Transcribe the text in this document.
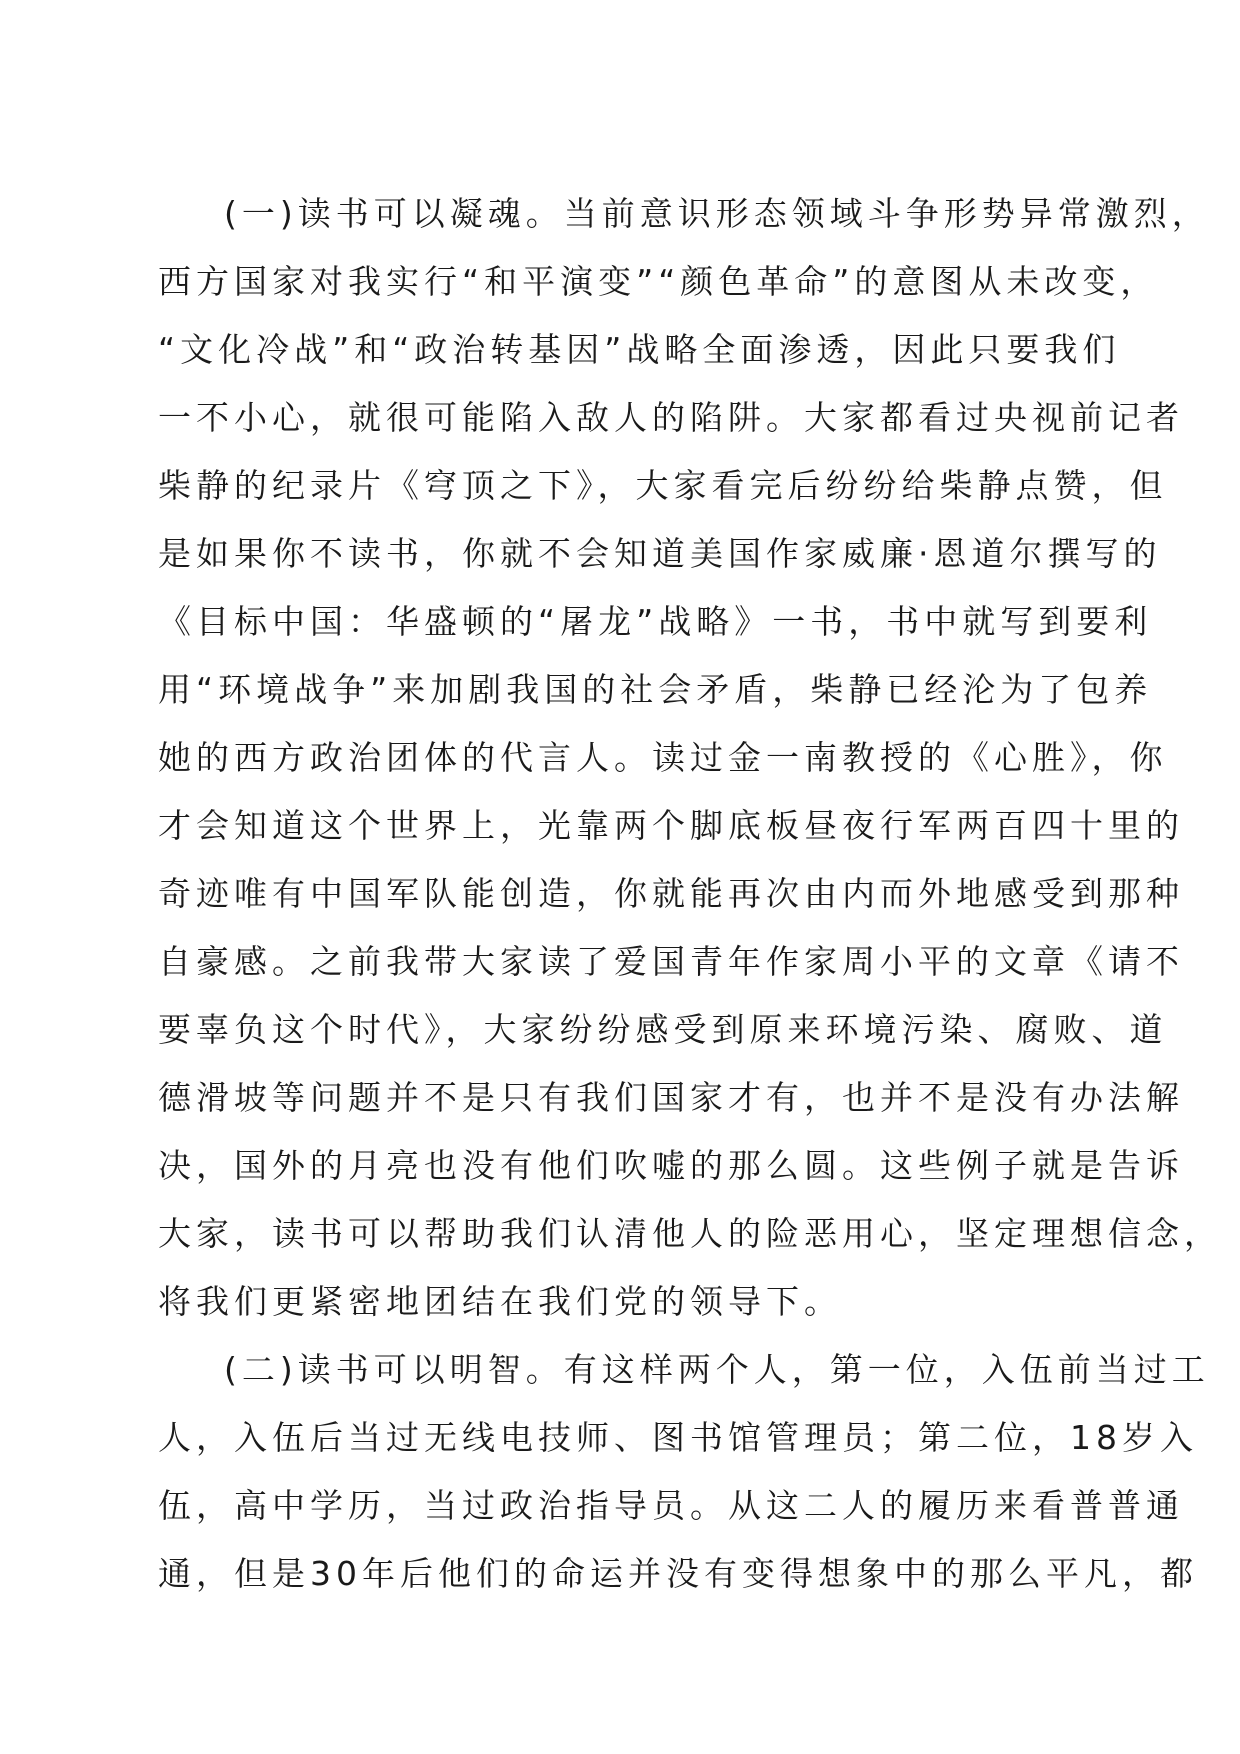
(一)读书可以凝魂。当前意识形态领域斗争形势异常激烈，
西方国家对我实行“和平演变”“颜色革命”的意图从未改变，
“文化冷战”和“政治转基因”战略全面渗透，因此只要我们
一不小心，就很可能陷入敌人的陷阱。大家都看过央视前记者
柴静的纪录片《穹顶之下》，大家看完后纷纷给柴静点赞，但
是如果你不读书，你就不会知道美国作家威廉·恩道尔撰写的
《目标中国：华盛顿的“屠龙”战略》一书，书中就写到要利
用“环境战争”来加剧我国的社会矛盾，柴静已经沦为了包养
她的西方政治团体的代言人。读过金一南教授的《心胜》，你
才会知道这个世界上，光靠两个脚底板昼夜行军两百四十里的
奇迹唯有中国军队能创造，你就能再次由内而外地感受到那种
自豪感。之前我带大家读了爱国青年作家周小平的文章《请不
要辜负这个时代》，大家纷纷感受到原来环境污染、腐败、道
德滑坡等问题并不是只有我们国家才有，也并不是没有办法解
决，国外的月亮也没有他们吹嘘的那么圆。这些例子就是告诉
大家，读书可以帮助我们认清他人的险恶用心，坚定理想信念，
将我们更紧密地团结在我们党的领导下。
(二)读书可以明智。有这样两个人，第一位，入伍前当过工
人，入伍后当过无线电技师、图书馆管理员；第二位，18岁入
伍，高中学历，当过政治指导员。从这二人的履历来看普普通
通，但是30年后他们的命运并没有变得想象中的那么平凡，都
